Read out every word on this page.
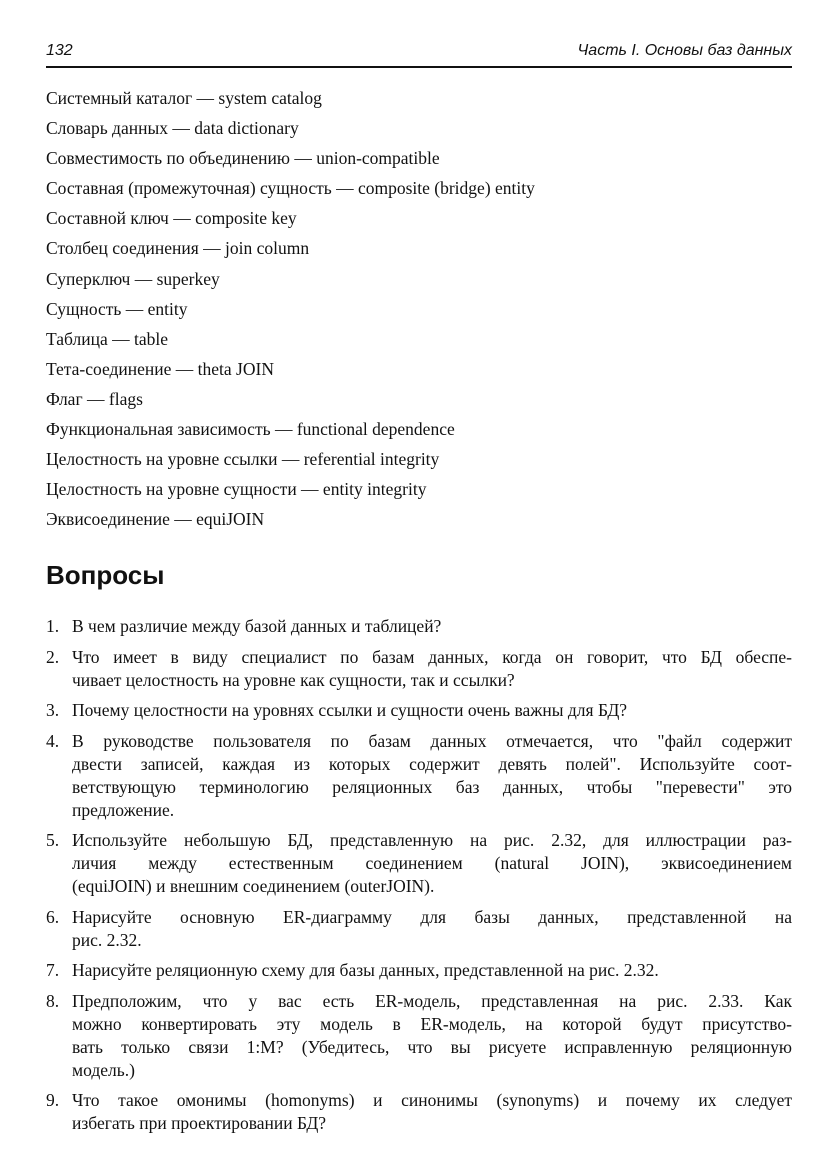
132	Часть I. Основы баз данных
Системный каталог — system catalog
Словарь данных — data dictionary
Совместимость по объединению — union-compatible
Составная (промежуточная) сущность — composite (bridge) entity
Составной ключ — composite key
Столбец соединения — join column
Суперключ — superkey
Сущность — entity
Таблица — table
Тета-соединение — theta JOIN
Флаг — flags
Функциональная зависимость — functional dependence
Целостность на уровне ссылки — referential integrity
Целостность на уровне сущности — entity integrity
Эквисоединение — equiJOIN
Вопросы
1. В чем различие между базой данных и таблицей?
2. Что имеет в виду специалист по базам данных, когда он говорит, что БД обеспе-
чивает целостность на уровне как сущности, так и ссылки?
3. Почему целостности на уровнях ссылки и сущности очень важны для БД?
4. В руководстве пользователя по базам данных отмечается, что "файл содержит
двести записей, каждая из которых содержит девять полей". Используйте соот-
ветствующую терминологию реляционных баз данных, чтобы "перевести" это
предложение.
5. Используйте небольшую БД, представленную на рис. 2.32, для иллюстрации раз-
личия между естественным соединением (natural JOIN), эквисоединением
(equiJOIN) и внешним соединением (outerJOIN).
6. Нарисуйте основную ER-диаграмму для базы данных, представленной на
рис. 2.32.
7. Нарисуйте реляционную схему для базы данных, представленной на рис. 2.32.
8. Предположим, что у вас есть ER-модель, представленная на рис. 2.33. Как
можно конвертировать эту модель в ER-модель, на которой будут присутство-
вать только связи 1:M? (Убедитесь, что вы рисуете исправленную реляционную
модель.)
9. Что такое омонимы (homonyms) и синонимы (synonyms) и почему их следует
избегать при проектировании БД?
